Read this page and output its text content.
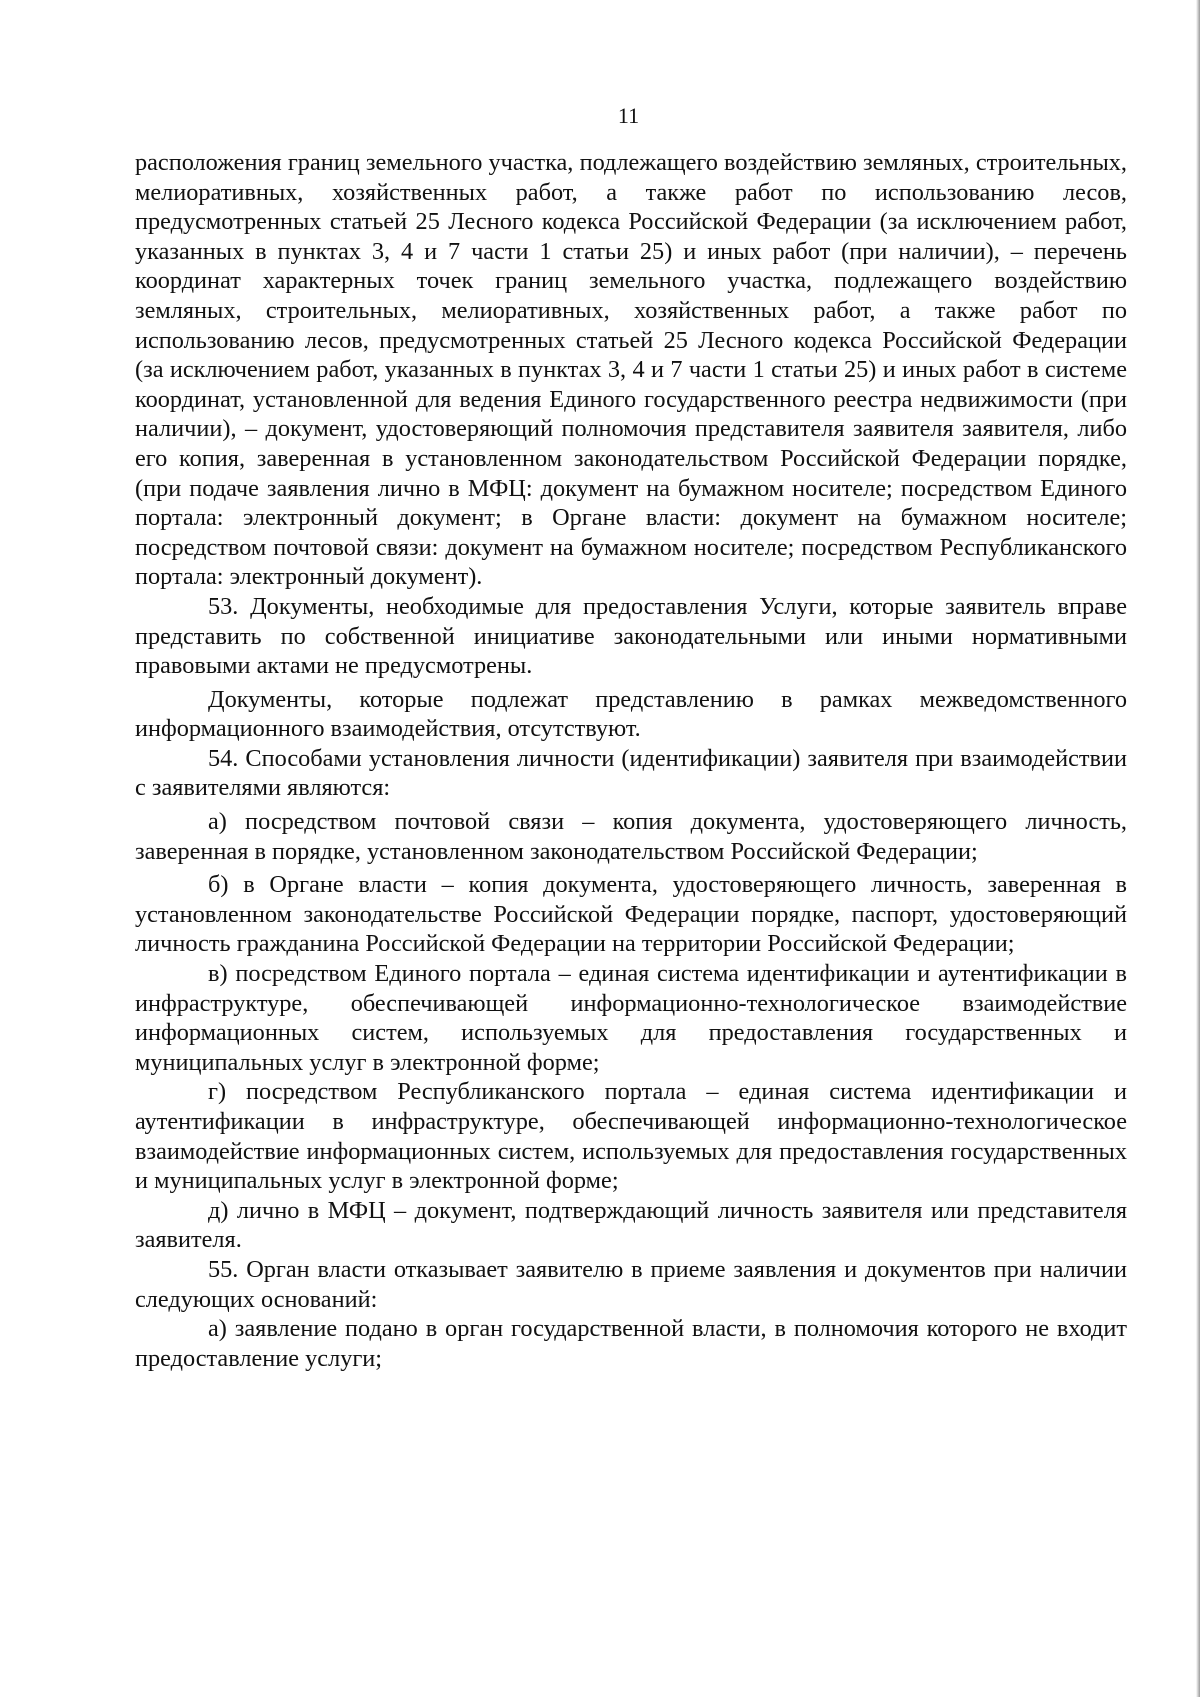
11

расположения границ земельного участка, подлежащего воздействию земляных, строительных, мелиоративных, хозяйственных работ, а также работ по использованию лесов, предусмотренных статьей 25 Лесного кодекса Российской Федерации (за исключением работ, указанных в пунктах 3, 4 и 7 части 1 статьи 25) и иных работ (при наличии), – перечень координат характерных точек границ земельного участка, подлежащего воздействию земляных, строительных, мелиоративных, хозяйственных работ, а также работ по использованию лесов, предусмотренных статьей 25 Лесного кодекса Российской Федерации (за исключением работ, указанных в пунктах 3, 4 и 7 части 1 статьи 25) и иных работ в системе координат, установленной для ведения Единого государственного реестра недвижимости (при наличии), – документ, удостоверяющий полномочия представителя заявителя заявителя, либо его копия, заверенная в установленном законодательством Российской Федерации порядке, (при подаче заявления лично в МФЦ: документ на бумажном носителе; посредством Единого портала: электронный документ; в Органе власти: документ на бумажном носителе; посредством почтовой связи: документ на бумажном носителе; посредством Республиканского портала: электронный документ).

53. Документы, необходимые для предоставления Услуги, которые заявитель вправе представить по собственной инициативе законодательными или иными нормативными правовыми актами не предусмотрены.

Документы, которые подлежат представлению в рамках межведомственного информационного взаимодействия, отсутствуют.

54. Способами установления личности (идентификации) заявителя при взаимодействии с заявителями являются:

а) посредством почтовой связи – копия документа, удостоверяющего личность, заверенная в порядке, установленном законодательством Российской Федерации;

б) в Органе власти – копия документа, удостоверяющего личность, заверенная в установленном законодательстве Российской Федерации порядке, паспорт, удостоверяющий личность гражданина Российской Федерации на территории Российской Федерации;

в) посредством Единого портала – единая система идентификации и аутентификации в инфраструктуре, обеспечивающей информационно-технологическое взаимодействие информационных систем, используемых для предоставления государственных и муниципальных услуг в электронной форме;

г) посредством Республиканского портала – единая система идентификации и аутентификации в инфраструктуре, обеспечивающей информационно-технологическое взаимодействие информационных систем, используемых для предоставления государственных и муниципальных услуг в электронной форме;

д) лично в МФЦ – документ, подтверждающий личность заявителя или представителя заявителя.

55. Орган власти отказывает заявителю в приеме заявления и документов при наличии следующих оснований:

а) заявление подано в орган государственной власти, в полномочия которого не входит предоставление услуги;
